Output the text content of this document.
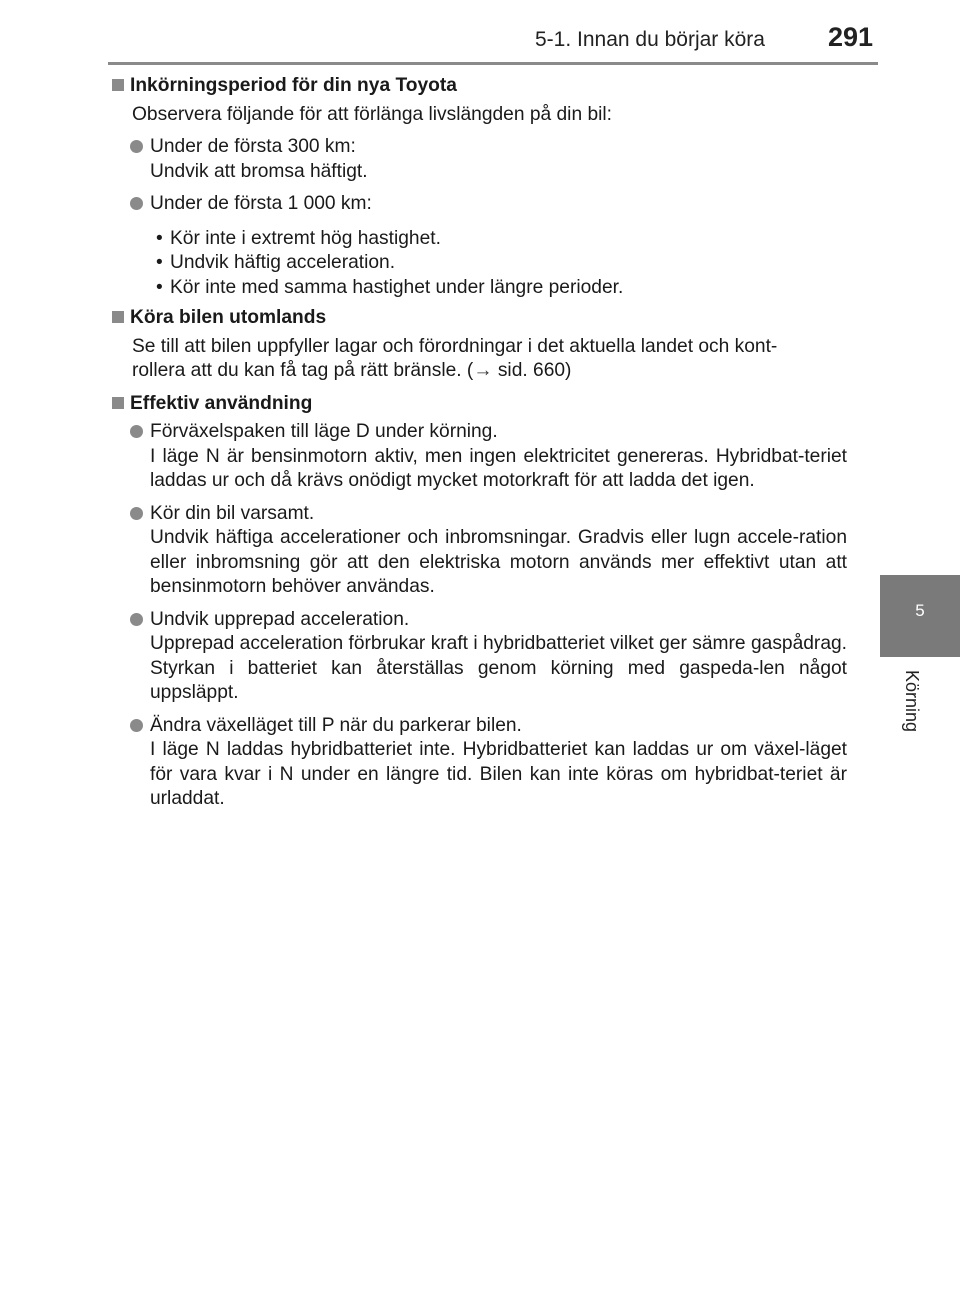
5-1. Innan du börjar köra 291
5
Körning
Inkörningsperiod för din nya Toyota
Observera följande för att förlänga livslängden på din bil:
Under de första 300 km:
Undvik att bromsa häftigt.
Under de första 1 000 km:
• Kör inte i extremt hög hastighet.
• Undvik häftig acceleration.
• Kör inte med samma hastighet under längre perioder.
Köra bilen utomlands
Se till att bilen uppfyller lagar och förordningar i det aktuella landet och kont-
rollera att du kan få tag på rätt bränsle. (→ sid. 660)
Effektiv användning
Förväxelspaken till läge D under körning.
I läge N är bensinmotorn aktiv, men ingen elektricitet genereras. Hybridbat-teriet laddas ur och då krävs onödigt mycket motorkraft för att ladda det igen.
Kör din bil varsamt.
Undvik häftiga accelerationer och inbromsningar. Gradvis eller lugn accele-ration eller inbromsning gör att den elektriska motorn används mer effektivt utan att bensinmotorn behöver användas.
Undvik upprepad acceleration.
Upprepad acceleration förbrukar kraft i hybridbatteriet vilket ger sämre gaspådrag. Styrkan i batteriet kan återställas genom körning med gaspeda-len något uppsläppt.
Ändra växelläget till P när du parkerar bilen.
I läge N laddas hybridbatteriet inte. Hybridbatteriet kan laddas ur om växel-läget för vara kvar i N under en längre tid. Bilen kan inte köras om hybridbat-teriet är urladdat.
